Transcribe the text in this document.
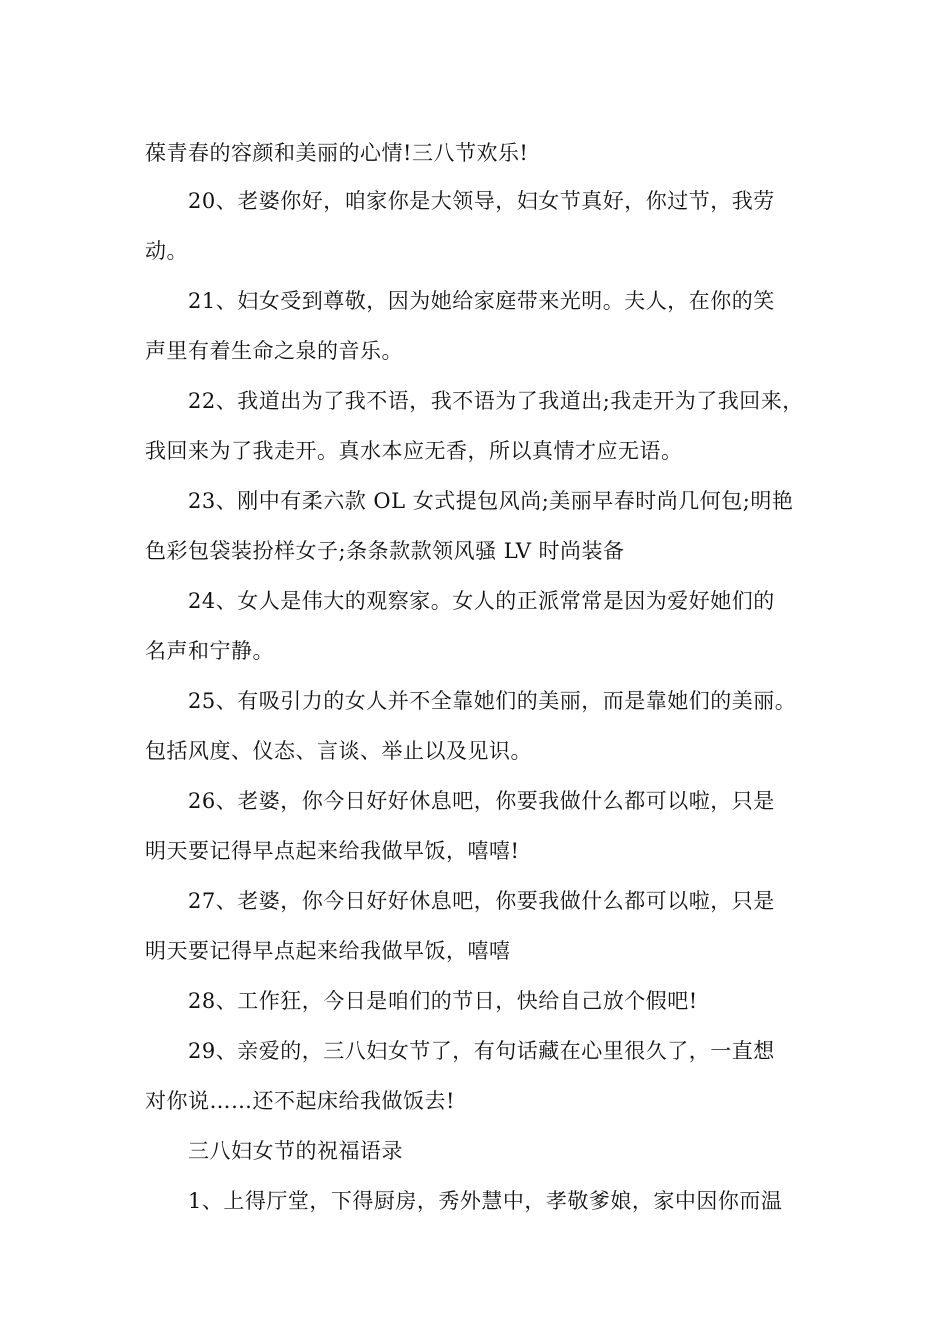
葆青春的容颜和美丽的心情!三八节欢乐!
20、老婆你好，咱家你是大领导，妇女节真好，你过节，我劳
动。
21、妇女受到尊敬，因为她给家庭带来光明。夫人，在你的笑
声里有着生命之泉的音乐。
22、我道出为了我不语，我不语为了我道出;我走开为了我回来，
我回来为了我走开。真水本应无香，所以真情才应无语。
23、刚中有柔六款 OL 女式提包风尚;美丽早春时尚几何包;明艳
色彩包袋装扮样女子;条条款款领风骚 LV 时尚装备
24、女人是伟大的观察家。女人的正派常常是因为爱好她们的
名声和宁静。
25、有吸引力的女人并不全靠她们的美丽，而是靠她们的美丽。
包括风度、仪态、言谈、举止以及见识。
26、老婆，你今日好好休息吧，你要我做什么都可以啦，只是
明天要记得早点起来给我做早饭，嘻嘻!
27、老婆，你今日好好休息吧，你要我做什么都可以啦，只是
明天要记得早点起来给我做早饭，嘻嘻
28、工作狂，今日是咱们的节日，快给自己放个假吧!
29、亲爱的，三八妇女节了，有句话藏在心里很久了，一直想
对你说……还不起床给我做饭去!
三八妇女节的祝福语录
1、上得厅堂，下得厨房，秀外慧中，孝敬爹娘，家中因你而温
